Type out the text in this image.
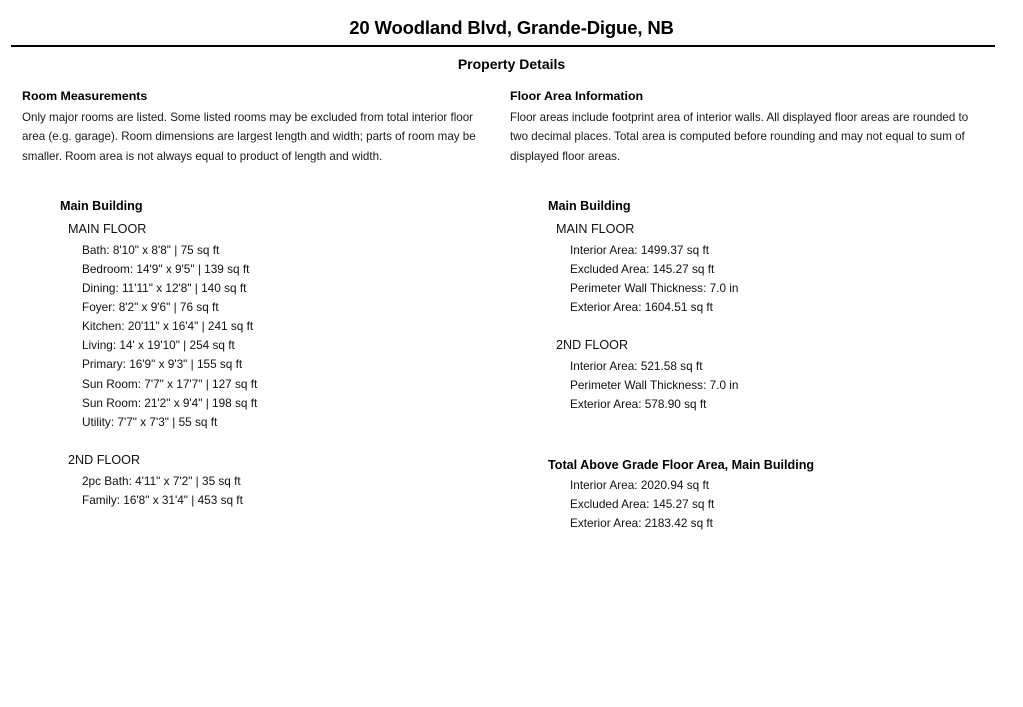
20 Woodland Blvd, Grande-Digue, NB
Property Details
Room Measurements

Only major rooms are listed. Some listed rooms may be excluded from total interior floor area (e.g. garage). Room dimensions are largest length and width; parts of room may be smaller. Room area is not always equal to product of length and width.

Main Building
MAIN FLOOR
Bath: 8'10" x 8'8" | 75 sq ft
Bedroom: 14'9" x 9'5" | 139 sq ft
Dining: 11'11" x 12'8" | 140 sq ft
Foyer: 8'2" x 9'6" | 76 sq ft
Kitchen: 20'11" x 16'4" | 241 sq ft
Living: 14' x 19'10" | 254 sq ft
Primary: 16'9" x 9'3" | 155 sq ft
Sun Room: 7'7" x 17'7" | 127 sq ft
Sun Room: 21'2" x 9'4" | 198 sq ft
Utility: 7'7" x 7'3" | 55 sq ft
2ND FLOOR
2pc Bath: 4'11" x 7'2" | 35 sq ft
Family: 16'8" x 31'4" | 453 sq ft
Floor Area Information

Floor areas include footprint area of interior walls. All displayed floor areas are rounded to two decimal places. Total area is computed before rounding and may not equal to sum of displayed floor areas.

Main Building
MAIN FLOOR
Interior Area: 1499.37 sq ft
Excluded Area: 145.27 sq ft
Perimeter Wall Thickness: 7.0 in
Exterior Area: 1604.51 sq ft
2ND FLOOR
Interior Area: 521.58 sq ft
Perimeter Wall Thickness: 7.0 in
Exterior Area: 578.90 sq ft
Total Above Grade Floor Area, Main Building
Interior Area: 2020.94 sq ft
Excluded Area: 145.27 sq ft
Exterior Area: 2183.42 sq ft
